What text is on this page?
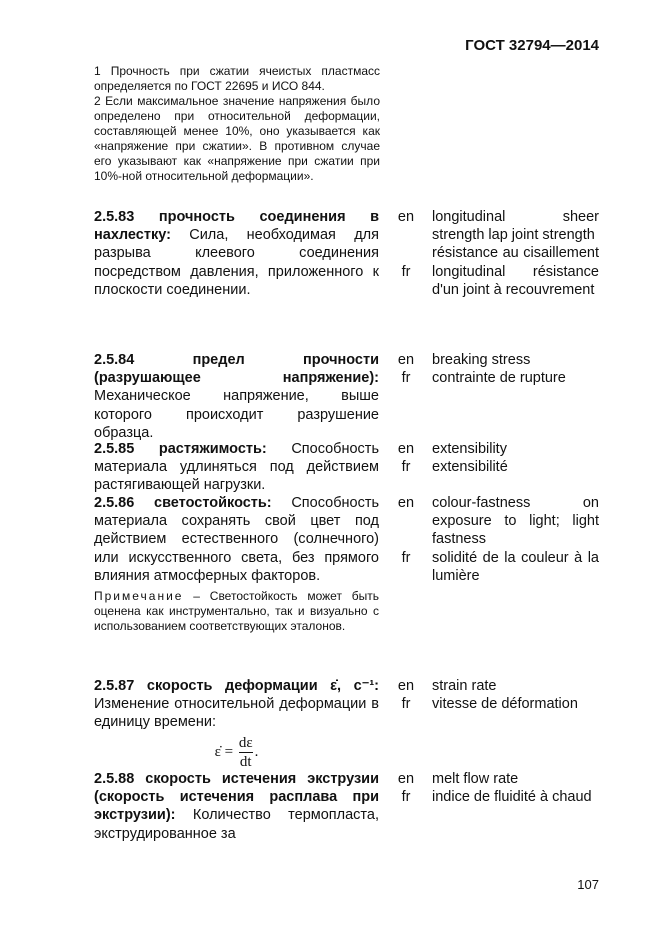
ГОСТ 32794—2014

1 Прочность при сжатии ячеистых пластмасс определяется по ГОСТ 22695 и ИСО 844.

2 Если максимальное значение напряжения было определено при относительной деформации, составляющей менее 10%, оно указывается как «напряжение при сжатии». В противном случае его указывают как «напряжение при сжатии при 10%-ной относительной деформации».

2.5.83 прочность соединения в нахлестку: Сила, необходимая для разрыва клеевого соединения посредством давления, приложенного к плоскости соединении.
en

fr
longitudinal sheer strength lap joint strength
résistance au cisaillement longitudinal résistance d'un joint à recouvrement
2.5.84	предел прочности (разрушающее напряжение): Механическое напряжение, выше которого происходит разрушение образца.
en
fr
breaking stress
contrainte de rupture
2.5.85 растяжимость: Способность материала удлиняться под действием растягивающей нагрузки.
en
fr
extensibility
extensibilité
2.5.86 светостойкость: Способность материала сохранять свой цвет под действием естественного (солнечного) или искусственного света, без прямого влияния атмосферных факторов.
Примечание – Светостойкость может быть оценена как инструментально, так и визуально с использованием соответствующих эталонов.
en

fr
colour-fastness on exposure to light; light fastness
solidité de la couleur à la lumière
2.5.87 скорость деформации ε̇, с⁻¹: Изменение относительной деформации в единицу времени:
ε̇ = $\frac{d\varepsilon}{dt}$ .
en
fr
strain rate
vitesse de déformation
2.5.88 скорость истечения экструзии (скорость истечения расплава при экструзии): Количество термопласта, экструдированное за
en
fr
melt flow rate
indice de fluidité à chaud
107
